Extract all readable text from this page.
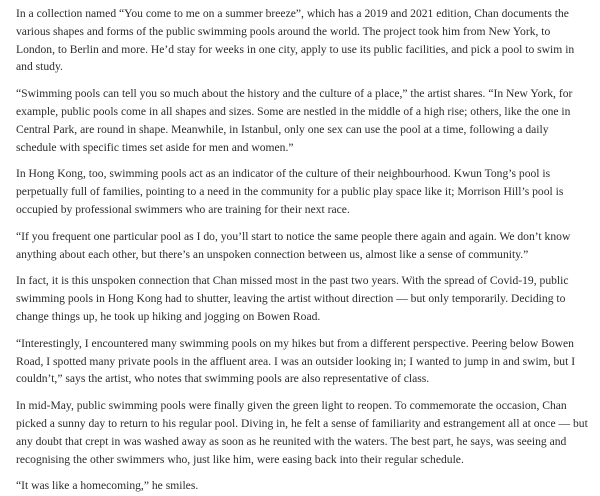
In a collection named “You come to me on a summer breeze”, which has a 2019 and 2021 edition, Chan documents the various shapes and forms of the public swimming pools around the world. The project took him from New York, to London, to Berlin and more. He’d stay for weeks in one city, apply to use its public facilities, and pick a pool to swim in and study.

“Swimming pools can tell you so much about the history and the culture of a place,” the artist shares. “In New York, for example, public pools come in all shapes and sizes. Some are nestled in the middle of a high rise; others, like the one in Central Park, are round in shape. Meanwhile, in Istanbul, only one sex can use the pool at a time, following a daily schedule with specific times set aside for men and women.”

In Hong Kong, too, swimming pools act as an indicator of the culture of their neighbourhood. Kwun Tong’s pool is perpetually full of families, pointing to a need in the community for a public play space like it; Morrison Hill’s pool is occupied by professional swimmers who are training for their next race.

“If you frequent one particular pool as I do, you’ll start to notice the same people there again and again. We don’t know anything about each other, but there’s an unspoken connection between us, almost like a sense of community.”

In fact, it is this unspoken connection that Chan missed most in the past two years. With the spread of Covid-19, public swimming pools in Hong Kong had to shutter, leaving the artist without direction — but only temporarily. Deciding to change things up, he took up hiking and jogging on Bowen Road.

“Interestingly, I encountered many swimming pools on my hikes but from a different perspective. Peering below Bowen Road, I spotted many private pools in the affluent area. I was an outsider looking in; I wanted to jump in and swim, but I couldn’t,” says the artist, who notes that swimming pools are also representative of class.

In mid-May, public swimming pools were finally given the green light to reopen. To commemorate the occasion, Chan picked a sunny day to return to his regular pool. Diving in, he felt a sense of familiarity and estrangement all at once — but any doubt that crept in was washed away as soon as he reunited with the waters. The best part, he says, was seeing and recognising the other swimmers who, just like him, were easing back into their regular schedule.

“It was like a homecoming,” he smiles.
